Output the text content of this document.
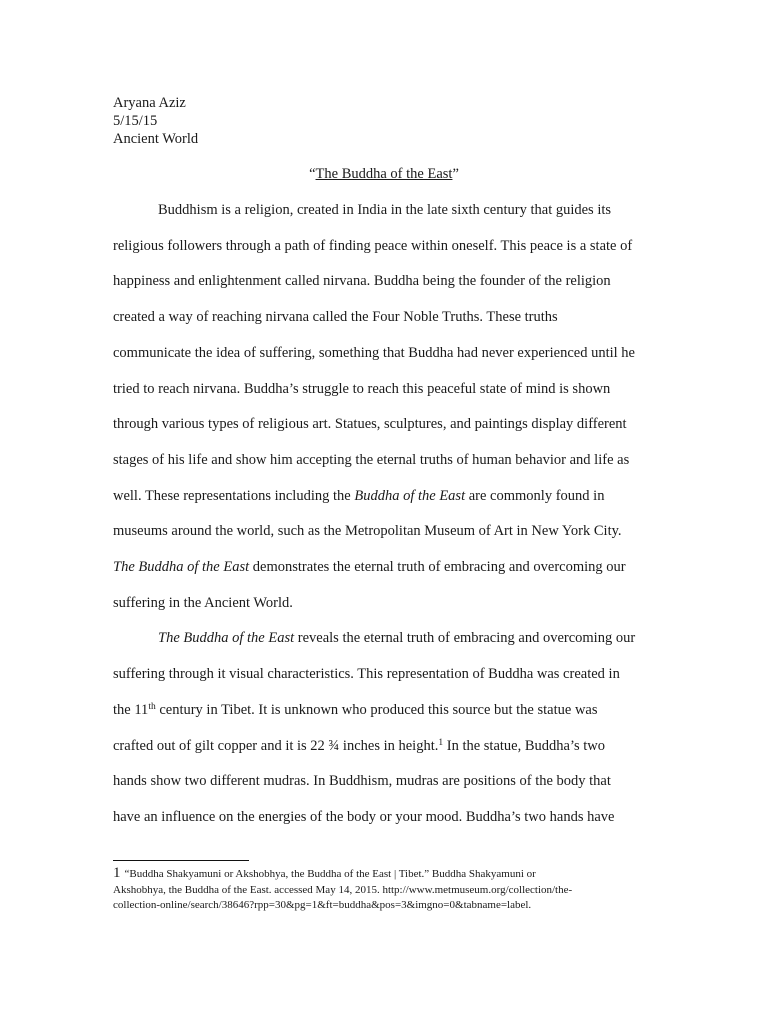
Aryana Aziz
5/15/15
Ancient World
“The Buddha of the East”
Buddhism is a religion, created in India in the late sixth century that guides its
religious followers through a path of finding peace within oneself. This peace is a state of
happiness and enlightenment called nirvana. Buddha being the founder of the religion
created a way of reaching nirvana called the Four Noble Truths. These truths
communicate the idea of suffering, something that Buddha had never experienced until he
tried to reach nirvana. Buddha’s struggle to reach this peaceful state of mind is shown
through various types of religious art. Statues, sculptures, and paintings display different
stages of his life and show him accepting the eternal truths of human behavior and life as
well. These representations including the Buddha of the East are commonly found in
museums around the world, such as the Metropolitan Museum of Art in New York City.
The Buddha of the East demonstrates the eternal truth of embracing and overcoming our
suffering in the Ancient World.
The Buddha of the East reveals the eternal truth of embracing and overcoming our
suffering through it visual characteristics. This representation of Buddha was created in
the 11th century in Tibet. It is unknown who produced this source but the statue was
crafted out of gilt copper and it is 22 ¾ inches in height.$^1$ In the statue, Buddha’s two
hands show two different mudras. In Buddhism, mudras are positions of the body that
have an influence on the energies of the body or your mood. Buddha’s two hands have
1 “Buddha Shakyamuni or Akshobhya, the Buddha of the East | Tibet.” Buddha Shakyamuni or
Akshobhya, the Buddha of the East. accessed May 14, 2015. http://www.metmuseum.org/collection/the-
collection-online/search/38646?rpp=30&pg=1&ft=buddha&pos=3&imgno=0&tabname=label.
